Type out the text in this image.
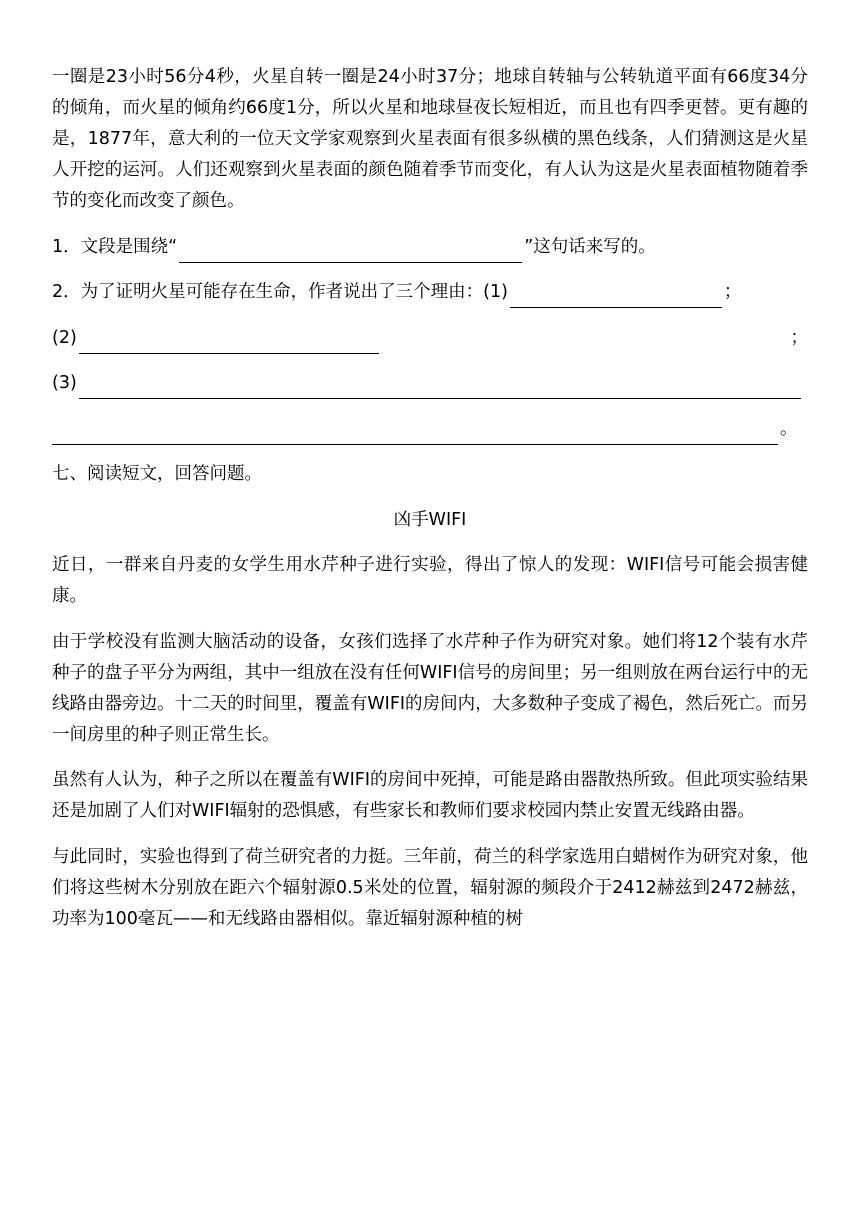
一圈是23小时56分4秒，火星自转一圈是24小时37分；地球自转轴与公转轨道平面有66度34分的倾角，而火星的倾角约66度1分，所以火星和地球昼夜长短相近，而且也有四季更替。更有趣的是，1877年，意大利的一位天文学家观察到火星表面有很多纵横的黑色线条，人们猜测这是火星人开挖的运河。人们还观察到火星表面的颜色随着季节而变化，有人认为这是火星表面植物随着季节的变化而改变了颜色。

1．文段是围绕“	”这句话来写的。
2．为了证明火星可能存在生命，作者说出了三个理由：(1)	；
(2)	；
(3)
。
七、阅读短文，回答问题。
凶手WIFI

近日，一群来自丹麦的女学生用水芹种子进行实验，得出了惊人的发现：WIFI信号可能会损害健康。

由于学校没有监测大脑活动的设备，女孩们选择了水芹种子作为研究对象。她们将12个装有水芹种子的盘子平分为两组，其中一组放在没有任何WIFI信号的房间里；另一组则放在两台运行中的无线路由器旁边。十二天的时间里，覆盖有WIFI的房间内，大多数种子变成了褐色，然后死亡。而另一间房里的种子则正常生长。

虽然有人认为，种子之所以在覆盖有WIFI的房间中死掉，可能是路由器散热所致。但此项实验结果还是加剧了人们对WIFI辐射的恐惧感，有些家长和教师们要求校园内禁止安置无线路由器。

与此同时，实验也得到了荷兰研究者的力挺。三年前，荷兰的科学家选用白蜡树作为研究对象，他们将这些树木分别放在距六个辐射源0.5米处的位置，辐射源的频段介于2412赫兹到2472赫兹，功率为100毫瓦——和无线路由器相似。靠近辐射源种植的树
